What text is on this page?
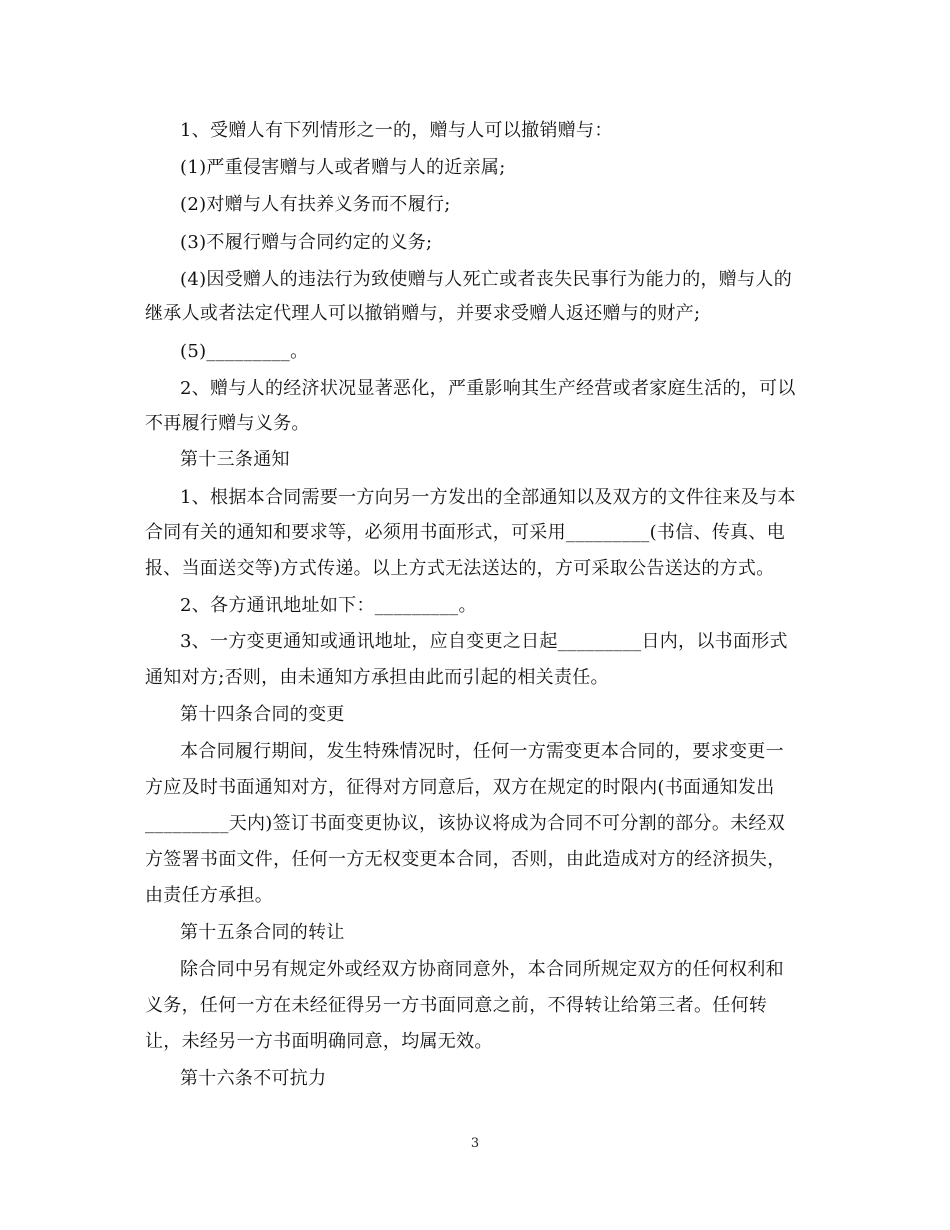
1、受赠人有下列情形之一的，赠与人可以撤销赠与：
(1)严重侵害赠与人或者赠与人的近亲属;
(2)对赠与人有扶养义务而不履行;
(3)不履行赠与合同约定的义务;
(4)因受赠人的违法行为致使赠与人死亡或者丧失民事行为能力的，赠与人的
继承人或者法定代理人可以撤销赠与，并要求受赠人返还赠与的财产;
(5)_________。
2、赠与人的经济状况显著恶化，严重影响其生产经营或者家庭生活的，可以
不再履行赠与义务。
第十三条通知
1、根据本合同需要一方向另一方发出的全部通知以及双方的文件往来及与本
合同有关的通知和要求等，必须用书面形式，可采用_________(书信、传真、电
报、当面送交等)方式传递。以上方式无法送达的，方可采取公告送达的方式。
2、各方通讯地址如下：_________。
3、一方变更通知或通讯地址，应自变更之日起_________日内，以书面形式
通知对方;否则，由未通知方承担由此而引起的相关责任。
第十四条合同的变更
本合同履行期间，发生特殊情况时，任何一方需变更本合同的，要求变更一
方应及时书面通知对方，征得对方同意后，双方在规定的时限内(书面通知发出
_________天内)签订书面变更协议，该协议将成为合同不可分割的部分。未经双
方签署书面文件，任何一方无权变更本合同，否则，由此造成对方的经济损失，
由责任方承担。
第十五条合同的转让
除合同中另有规定外或经双方协商同意外，本合同所规定双方的任何权利和
义务，任何一方在未经征得另一方书面同意之前，不得转让给第三者。任何转
让，未经另一方书面明确同意，均属无效。
第十六条不可抗力
3
